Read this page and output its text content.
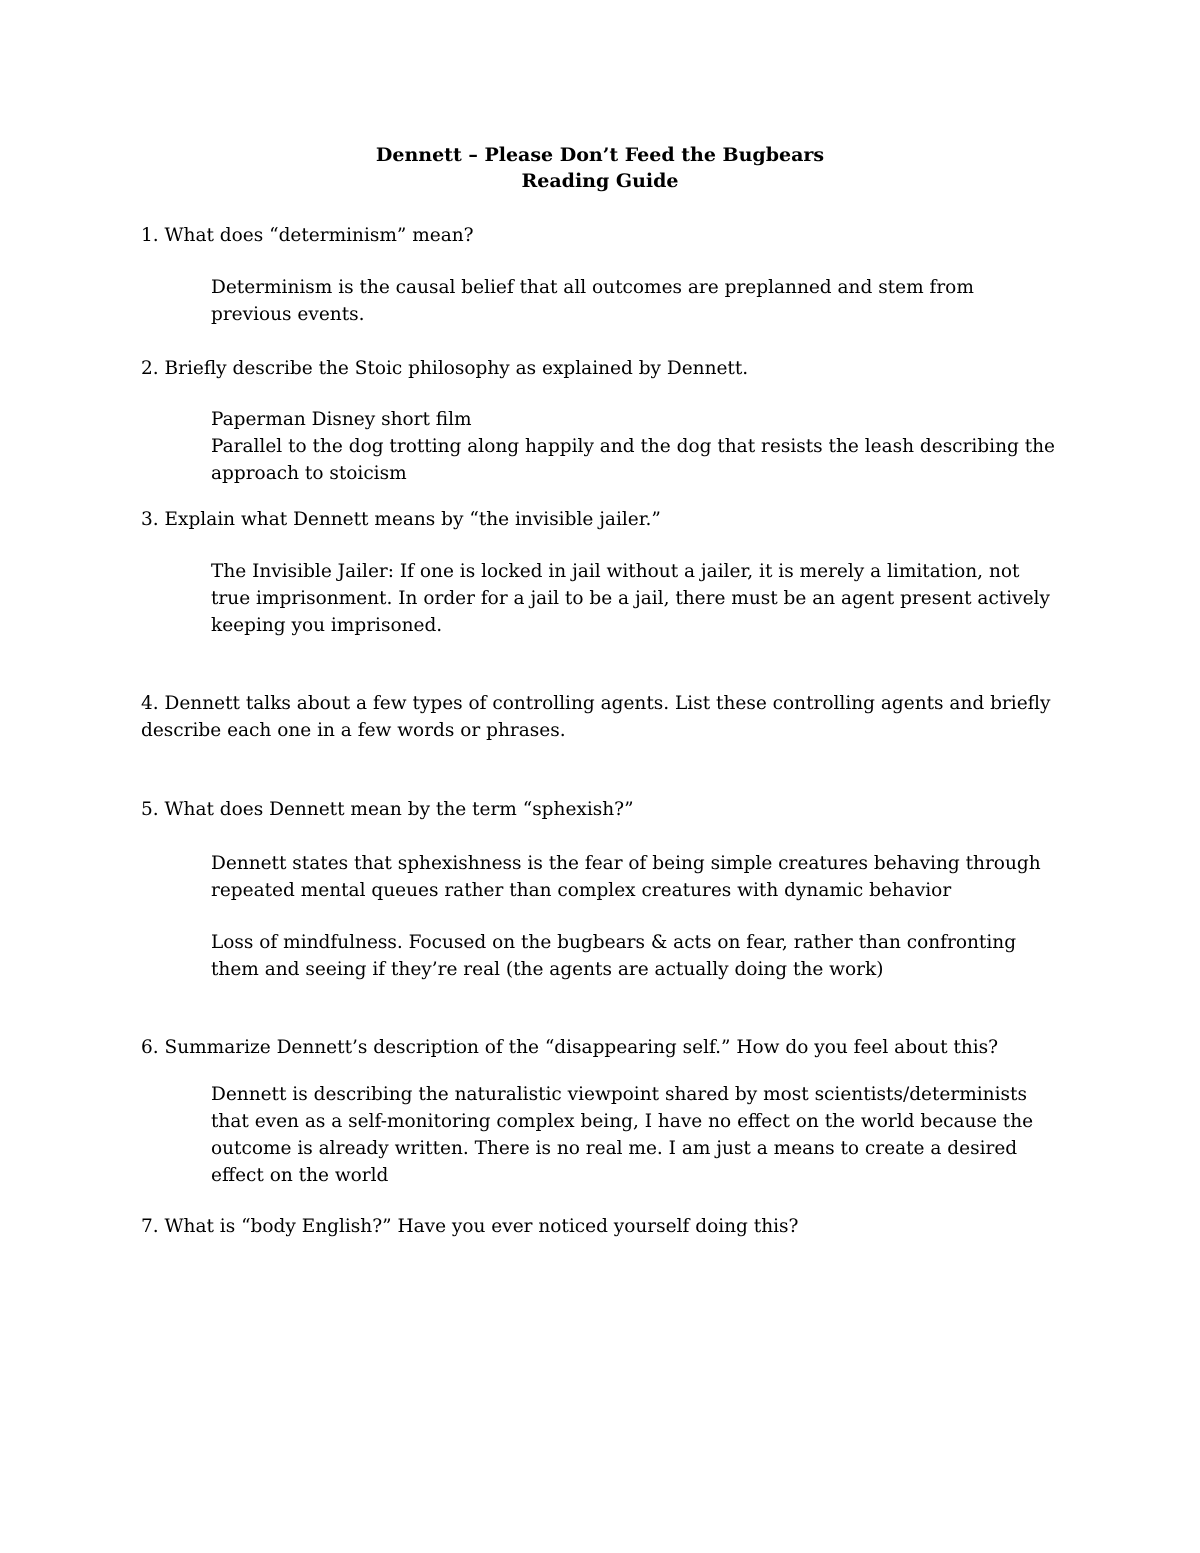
Dennett – Please Don’t Feed the Bugbears
Reading Guide
1. What does “determinism” mean?
Determinism is the causal belief that all outcomes are preplanned and stem from
previous events.
2. Briefly describe the Stoic philosophy as explained by Dennett.
Paperman Disney short film
Parallel to the dog trotting along happily and the dog that resists the leash describing the
approach to stoicism
3. Explain what Dennett means by “the invisible jailer.”
The Invisible Jailer: If one is locked in jail without a jailer, it is merely a limitation, not
true imprisonment. In order for a jail to be a jail, there must be an agent present actively
keeping you imprisoned.
4. Dennett talks about a few types of controlling agents. List these controlling agents and briefly
describe each one in a few words or phrases.
5. What does Dennett mean by the term “sphexish?”
Dennett states that sphexishness is the fear of being simple creatures behaving through
repeated mental queues rather than complex creatures with dynamic behavior
Loss of mindfulness. Focused on the bugbears & acts on fear, rather than confronting
them and seeing if they’re real (the agents are actually doing the work)
6. Summarize Dennett’s description of the “disappearing self.” How do you feel about this?
Dennett is describing the naturalistic viewpoint shared by most scientists/determinists
that even as a self-monitoring complex being, I have no effect on the world because the
outcome is already written. There is no real me. I am just a means to create a desired
effect on the world
7. What is “body English?” Have you ever noticed yourself doing this?
